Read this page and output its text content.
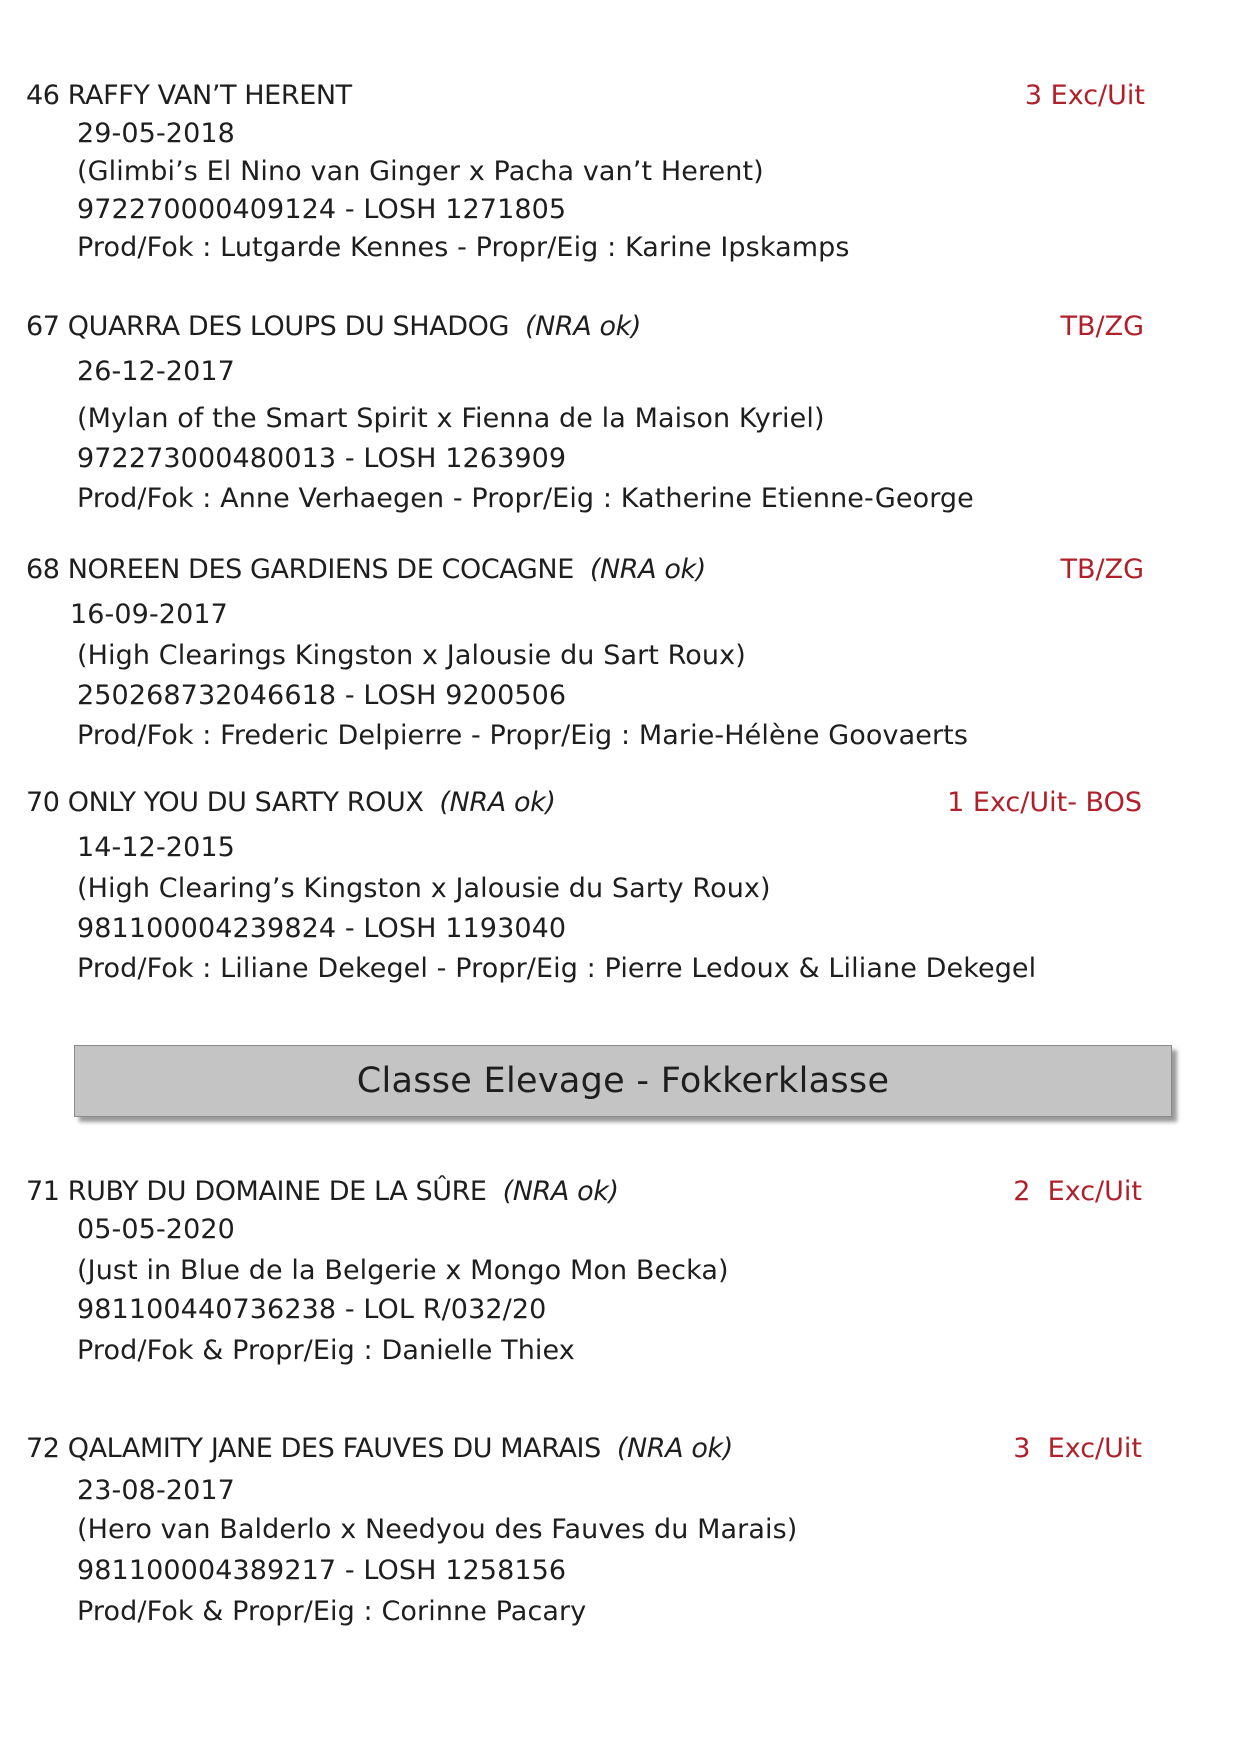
46 RAFFY VAN’T HERENT	3 Exc/Uit
29-05-2018
(Glimbi’s El Nino van Ginger x Pacha van’t Herent)
972270000409124 - LOSH 1271805
Prod/Fok : Lutgarde Kennes - Propr/Eig : Karine Ipskamps
67 QUARRA DES LOUPS DU SHADOG (NRA ok)	TB/ZG
26-12-2017
(Mylan of the Smart Spirit x Fienna de la Maison Kyriel)
972273000480013 - LOSH 1263909
Prod/Fok : Anne Verhaegen - Propr/Eig : Katherine Etienne-George
68 NOREEN DES GARDIENS DE COCAGNE (NRA ok)	TB/ZG
16-09-2017
(High Clearings Kingston x Jalousie du Sart Roux)
250268732046618 - LOSH 9200506
Prod/Fok : Frederic Delpierre - Propr/Eig : Marie-Hélène Goovaerts
70 ONLY YOU DU SARTY ROUX (NRA ok)	1 Exc/Uit- BOS
14-12-2015
(High Clearing’s Kingston x Jalousie du Sarty Roux)
981100004239824 - LOSH 1193040
Prod/Fok : Liliane Dekegel - Propr/Eig : Pierre Ledoux & Liliane Dekegel
Classe Elevage - Fokkerklasse
71 RUBY DU DOMAINE DE LA SÛRE (NRA ok)	2  Exc/Uit
05-05-2020
(Just in Blue de la Belgerie x Mongo Mon Becka)
981100440736238 - LOL R/032/20
Prod/Fok & Propr/Eig : Danielle Thiex
72 QALAMITY JANE DES FAUVES DU MARAIS (NRA ok)	3  Exc/Uit
23-08-2017
(Hero van Balderlo x Needyou des Fauves du Marais)
981100004389217 - LOSH 1258156
Prod/Fok & Propr/Eig : Corinne Pacary
